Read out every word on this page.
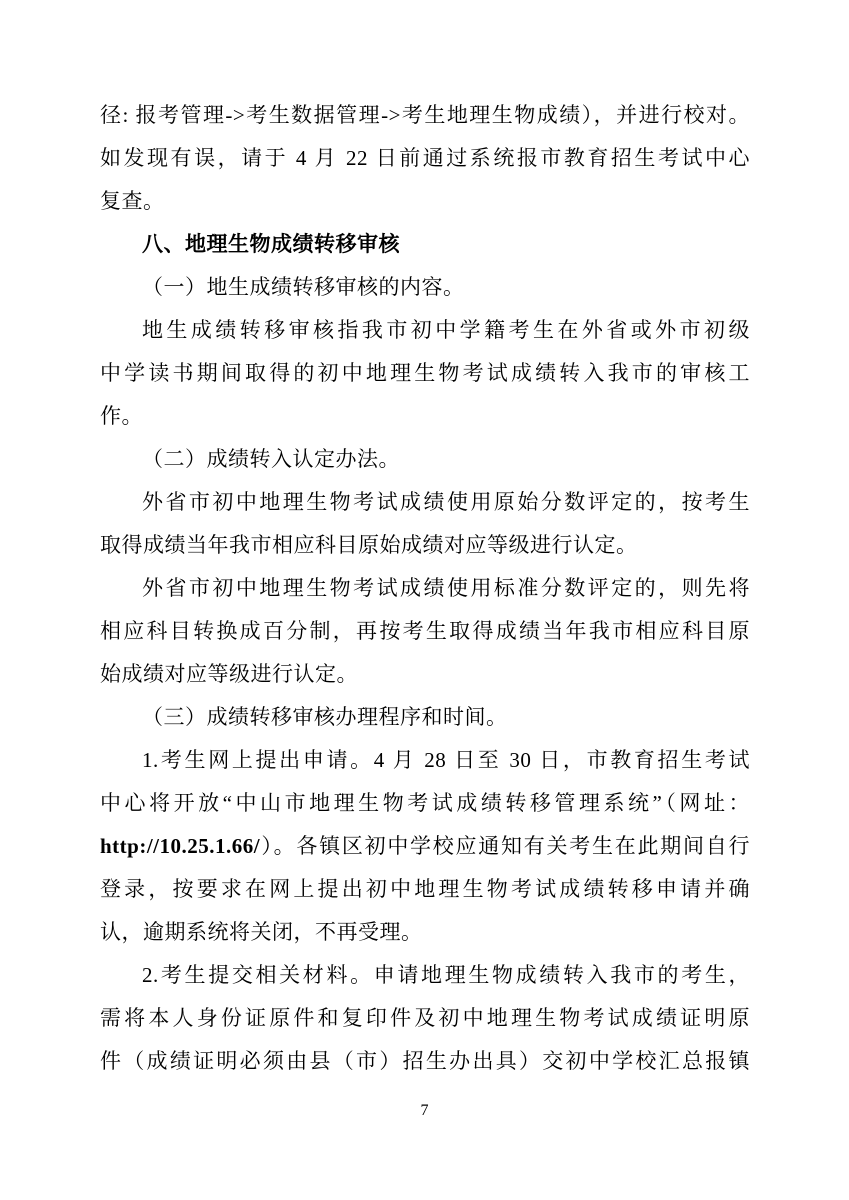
径: 报考管理->考生数据管理->考生地理生物成绩），并进行校对。

如发现有误，请于 4 月 22 日前通过系统报市教育招生考试中心

复查。

八、地理生物成绩转移审核

（一）地生成绩转移审核的内容。

地生成绩转移审核指我市初中学籍考生在外省或外市初级

中学读书期间取得的初中地理生物考试成绩转入我市的审核工

作。

（二）成绩转入认定办法。

外省市初中地理生物考试成绩使用原始分数评定的，按考生

取得成绩当年我市相应科目原始成绩对应等级进行认定。

外省市初中地理生物考试成绩使用标准分数评定的，则先将

相应科目转换成百分制，再按考生取得成绩当年我市相应科目原

始成绩对应等级进行认定。

（三）成绩转移审核办理程序和时间。

1.考生网上提出申请。4 月 28 日至 30 日，市教育招生考试

中心将开放“中山市地理生物考试成绩转移管理系统”（网址：

http://10.25.1.66/）。各镇区初中学校应通知有关考生在此期间自行

登录，按要求在网上提出初中地理生物考试成绩转移申请并确

认，逾期系统将关闭，不再受理。

2.考生提交相关材料。申请地理生物成绩转入我市的考生，

需将本人身份证原件和复印件及初中地理生物考试成绩证明原

件（成绩证明必须由县（市）招生办出具）交初中学校汇总报镇

7
